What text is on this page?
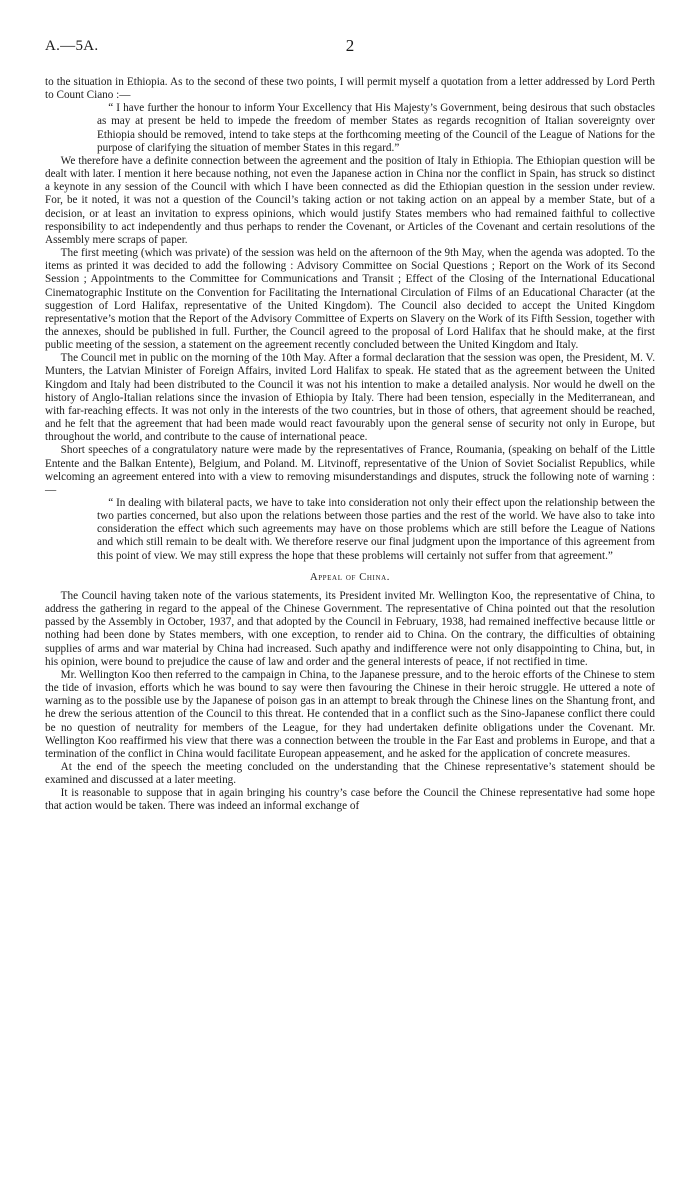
A.—5A.	2

to the situation in Ethiopia. As to the second of these two points, I will permit myself a quotation from a letter addressed by Lord Perth to Count Ciano :—

“ I have further the honour to inform Your Excellency that His Majesty’s Government, being desirous that such obstacles as may at present be held to impede the freedom of member States as regards recognition of Italian sovereignty over Ethiopia should be removed, intend to take steps at the forthcoming meeting of the Council of the League of Nations for the purpose of clarifying the situation of member States in this regard.”

We therefore have a definite connection between the agreement and the position of Italy in Ethiopia. The Ethiopian question will be dealt with later. I mention it here because nothing, not even the Japanese action in China nor the conflict in Spain, has struck so distinct a keynote in any session of the Council with which I have been connected as did the Ethiopian question in the session under review. For, be it noted, it was not a question of the Council’s taking action or not taking action on an appeal by a member State, but of a decision, or at least an invitation to express opinions, which would justify States members who had remained faithful to collective responsibility to act independently and thus perhaps to render the Covenant, or Articles of the Covenant and certain resolutions of the Assembly mere scraps of paper.

The first meeting (which was private) of the session was held on the afternoon of the 9th May, when the agenda was adopted. To the items as printed it was decided to add the following : Advisory Committee on Social Questions ; Report on the Work of its Second Session ; Appointments to the Committee for Communications and Transit ; Effect of the Closing of the International Educational Cinematographic Institute on the Convention for Facilitating the International Circulation of Films of an Educational Character (at the suggestion of Lord Halifax, representative of the United Kingdom). The Council also decided to accept the United Kingdom representative’s motion that the Report of the Advisory Committee of Experts on Slavery on the Work of its Fifth Session, together with the annexes, should be published in full. Further, the Council agreed to the proposal of Lord Halifax that he should make, at the first public meeting of the session, a statement on the agreement recently concluded between the United Kingdom and Italy.

The Council met in public on the morning of the 10th May. After a formal declaration that the session was open, the President, M. V. Munters, the Latvian Minister of Foreign Affairs, invited Lord Halifax to speak. He stated that as the agreement between the United Kingdom and Italy had been distributed to the Council it was not his intention to make a detailed analysis. Nor would he dwell on the history of Anglo-Italian relations since the invasion of Ethiopia by Italy. There had been tension, especially in the Mediterranean, and with far-reaching effects. It was not only in the interests of the two countries, but in those of others, that agreement should be reached, and he felt that the agreement that had been made would react favourably upon the general sense of security not only in Europe, but throughout the world, and contribute to the cause of international peace.

Short speeches of a congratulatory nature were made by the representatives of France, Roumania, (speaking on behalf of the Little Entente and the Balkan Entente), Belgium, and Poland. M. Litvinoff, representative of the Union of Soviet Socialist Republics, while welcoming an agreement entered into with a view to removing misunderstandings and disputes, struck the following note of warning :—

“ In dealing with bilateral pacts, we have to take into consideration not only their effect upon the relationship between the two parties concerned, but also upon the relations between those parties and the rest of the world. We have also to take into consideration the effect which such agreements may have on those problems which are still before the League of Nations and which still remain to be dealt with. We therefore reserve our final judgment upon the importance of this agreement from this point of view. We may still express the hope that these problems will certainly not suffer from that agreement.”

Appeal of China.

The Council having taken note of the various statements, its President invited Mr. Wellington Koo, the representative of China, to address the gathering in regard to the appeal of the Chinese Government. The representative of China pointed out that the resolution passed by the Assembly in October, 1937, and that adopted by the Council in February, 1938, had remained ineffective because little or nothing had been done by States members, with one exception, to render aid to China. On the contrary, the difficulties of obtaining supplies of arms and war material by China had increased. Such apathy and indifference were not only disappointing to China, but, in his opinion, were bound to prejudice the cause of law and order and the general interests of peace, if not rectified in time.

Mr. Wellington Koo then referred to the campaign in China, to the Japanese pressure, and to the heroic efforts of the Chinese to stem the tide of invasion, efforts which he was bound to say were then favouring the Chinese in their heroic struggle. He uttered a note of warning as to the possible use by the Japanese of poison gas in an attempt to break through the Chinese lines on the Shantung front, and he drew the serious attention of the Council to this threat. He contended that in a conflict such as the Sino-Japanese conflict there could be no question of neutrality for members of the League, for they had undertaken definite obligations under the Covenant. Mr. Wellington Koo reaffirmed his view that there was a connection between the trouble in the Far East and problems in Europe, and that a termination of the conflict in China would facilitate European appeasement, and he asked for the application of concrete measures.

At the end of the speech the meeting concluded on the understanding that the Chinese representative’s statement should be examined and discussed at a later meeting.

It is reasonable to suppose that in again bringing his country’s case before the Council the Chinese representative had some hope that action would be taken. There was indeed an informal exchange of
